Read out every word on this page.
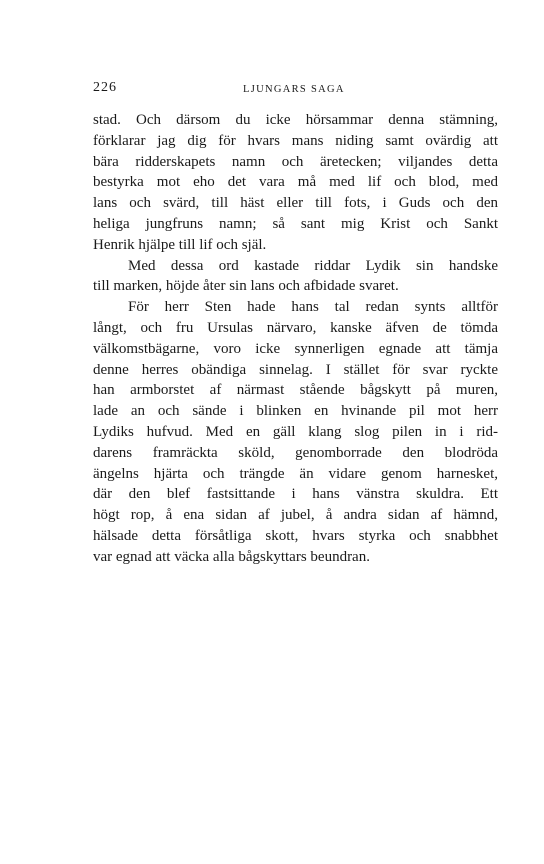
226	LJUNGARS SAGA
stad. Och därsom du icke hörsammar denna stämning,
förklarar jag dig för hvars mans niding samt ovärdig att
bära ridderskapets namn och äretecken; viljandes detta
bestyrka mot eho det vara må med lif och blod, med
lans och svärd, till häst eller till fots, i Guds och den
heliga jungfruns namn; så sant mig Krist och Sankt
Henrik hjälpe till lif och själ.
Med dessa ord kastade riddar Lydik sin handske
till marken, höjde åter sin lans och afbidade svaret.
För herr Sten hade hans tal redan synts alltför
långt, och fru Ursulas närvaro, kanske äfven de tömda
välkomstbägarne, voro icke synnerligen egnade att tämja
denne herres obändiga sinnelag. I stället för svar ryckte
han armborstet af närmast stående bågskytt på muren,
lade an och sände i blinken en hvinande pil mot herr
Lydiks hufvud. Med en gäll klang slog pilen in i rid-
darens framräckta sköld, genomborrade den blodröda
ängelns hjärta och trängde än vidare genom harnesket,
där den blef fastsittande i hans vänstra skuldra. Ett
högt rop, å ena sidan af jubel, å andra sidan af hämnd,
hälsade detta försåtliga skott, hvars styrka och snabbhet
var egnad att väcka alla bågskyttars beundran.
